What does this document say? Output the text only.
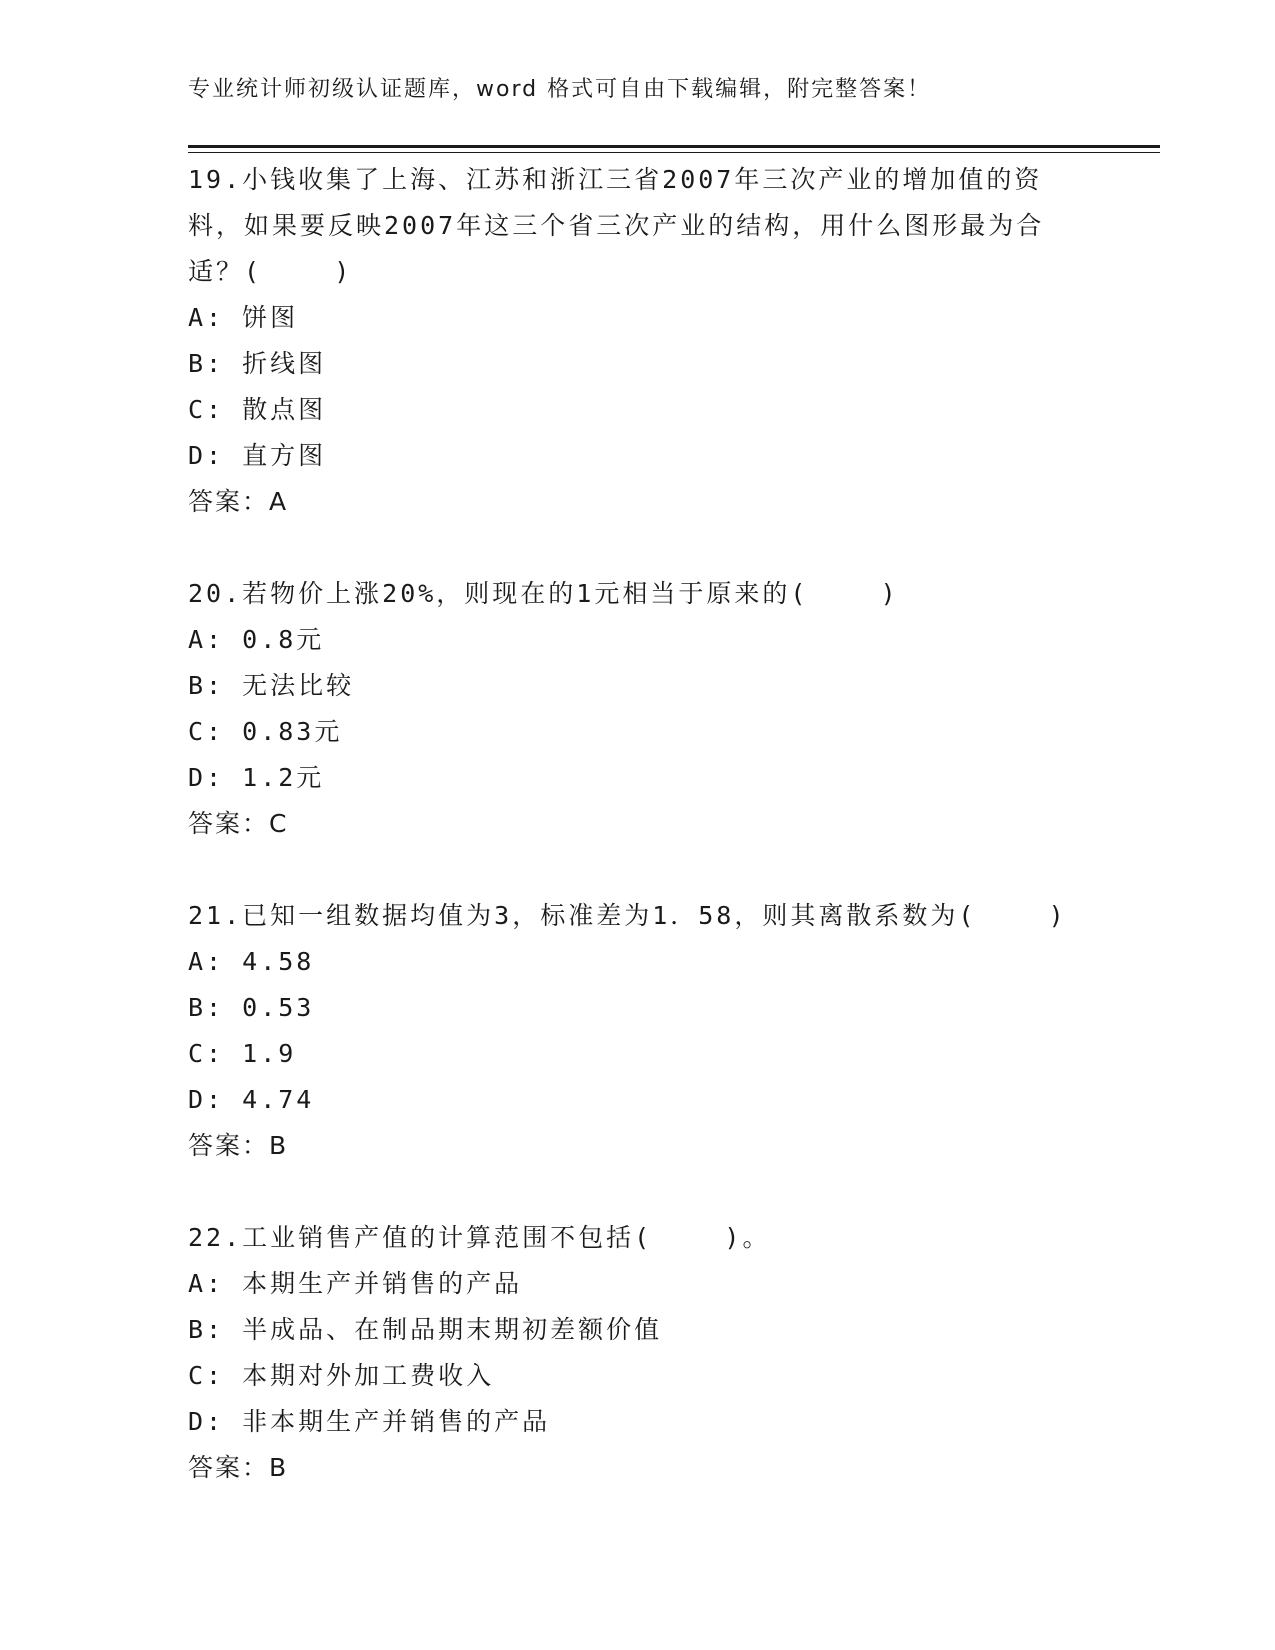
专业统计师初级认证题库，word 格式可自由下载编辑，附完整答案！
19.小钱收集了上海、江苏和浙江三省2007年三次产业的增加值的资
料，如果要反映2007年这三个省三次产业的结构，用什么图形最为合
适？(    )
A: 饼图
B: 折线图
C: 散点图
D: 直方图
答案：A
20.若物价上涨20%，则现在的1元相当于原来的(    )
A: 0.8元
B: 无法比较
C: 0.83元
D: 1.2元
答案：C
21.已知一组数据均值为3，标准差为1．58，则其离散系数为(    )
A: 4.58
B: 0.53
C: 1.9
D: 4.74
答案：B
22.工业销售产值的计算范围不包括(    )。
A: 本期生产并销售的产品
B: 半成品、在制品期末期初差额价值
C: 本期对外加工费收入
D: 非本期生产并销售的产品
答案：B
